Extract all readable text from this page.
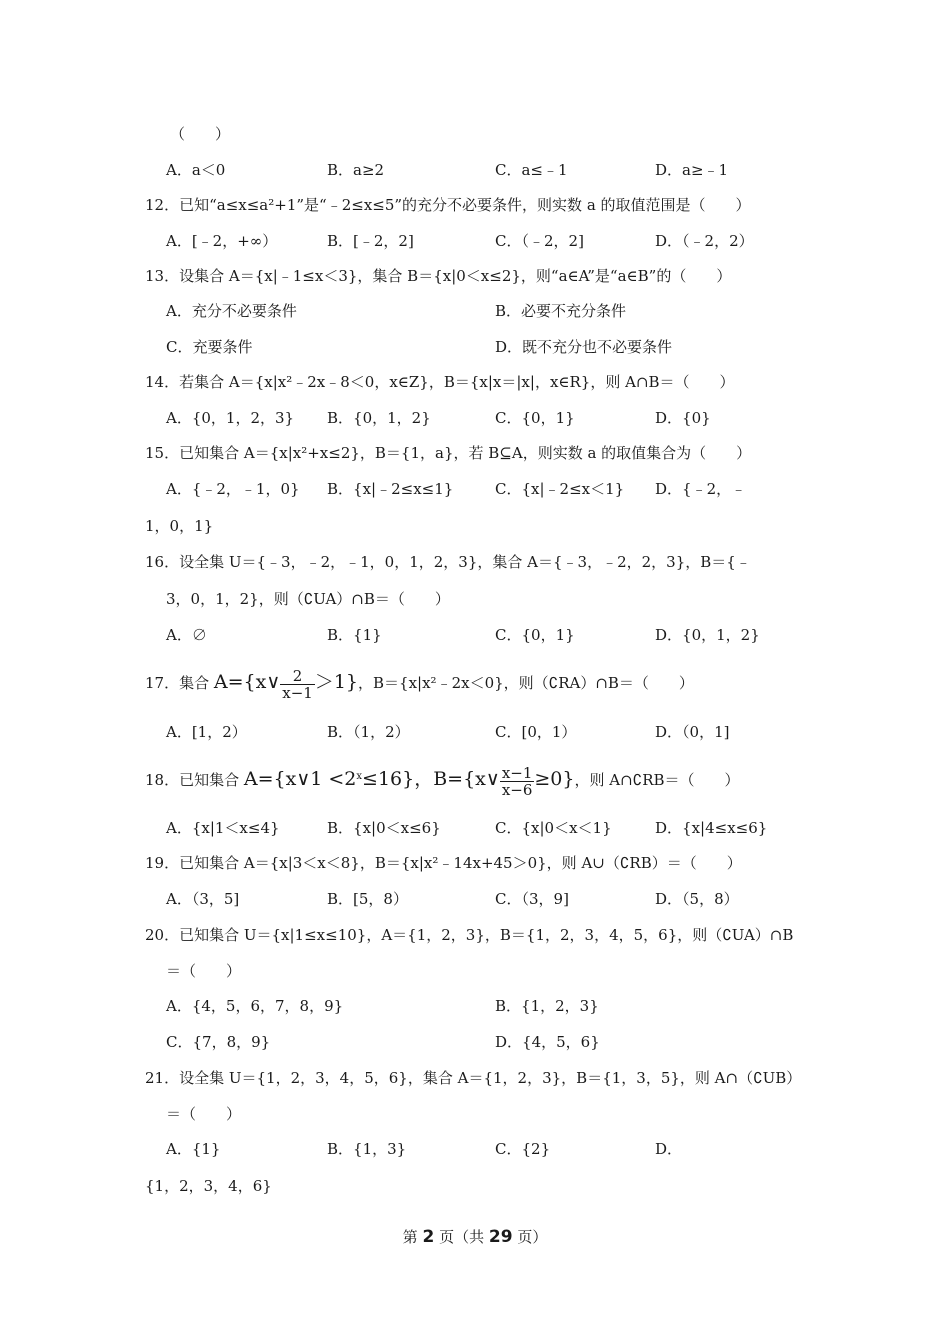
（　　）
A．a＜0	B．a≥2	C．a≤﹣1	D．a≥﹣1
12．已知“a≤x≤a²+1”是“﹣2≤x≤5”的充分不必要条件，则实数 a 的取值范围是（　　）
A．[﹣2，+∞）	B．[﹣2，2]	C．（﹣2，2]	D．（﹣2，2）
13．设集合 A＝{x|﹣1≤x＜3}，集合 B＝{x|0＜x≤2}，则“a∈A”是“a∈B”的（　　）
A．充分不必要条件	B．必要不充分条件
C．充要条件	D．既不充分也不必要条件
14．若集合 A＝{x|x²﹣2x﹣8＜0，x∈Z}，B＝{x|x＝|x|，x∈R}，则 A∩B＝（　　）
A．{0，1，2，3} B．{0，1，2}	C．{0，1}	D．{0}
15．已知集合 A＝{x|x²+x≤2}，B＝{1，a}，若 B⊆A，则实数 a 的取值集合为（　　）
A．{﹣2，﹣1，0} B．{x|﹣2≤x≤1}	C．{x|﹣2≤x＜1} D．{﹣2，﹣
1，0，1}
16．设全集 U＝{﹣3，﹣2，﹣1，0，1，2，3}，集合 A＝{﹣3，﹣2，2，3}，B＝{﹣
3，0，1，2}，则（∁UA）∩B＝（　　）
A．∅	B．{1}	C．{0，1}	D．{0，1，2}
17．集合 A={x∨ $\frac{2}{x-1} >1$}，B＝{x|x²﹣2x＜0}，则（∁RA）∩B＝（　　）
A．[1，2）	B．（1，2）	C．[0，1）	D．（0，1]
18．已知集合 A={x∨1 $<2^x\le 16$}，B={x∨ $\frac{x-1}{x-6} \ge 0$}，则 A∩∁RB＝（　　）
A．{x|1＜x≤4}	B．{x|0＜x≤6}	C．{x|0＜x＜1}	D．{x|4≤x≤6}
19．已知集合 A＝{x|3＜x＜8}，B＝{x|x²﹣14x+45＞0}，则 A∪（∁RB）＝（　　）
A．（3，5]	B．[5，8）	C．（3，9]	D．（5，8）
20．已知集合 U＝{x|1≤x≤10}，A＝{1，2，3}，B＝{1，2，3，4，5，6}，则（∁UA）∩B
＝（　　）
A．{4，5，6，7，8，9}	B．{1，2，3}
C．{7，8，9}	D．{4，5，6}
21．设全集 U＝{1，2，3，4，5，6}，集合 A＝{1，2，3}，B＝{1，3，5}，则 A∩（∁UB）
＝（　　）
A．{1}	B．{1，3}	C．{2}	D．
{1，2，3，4，6}
第 2 页（共 29 页）
